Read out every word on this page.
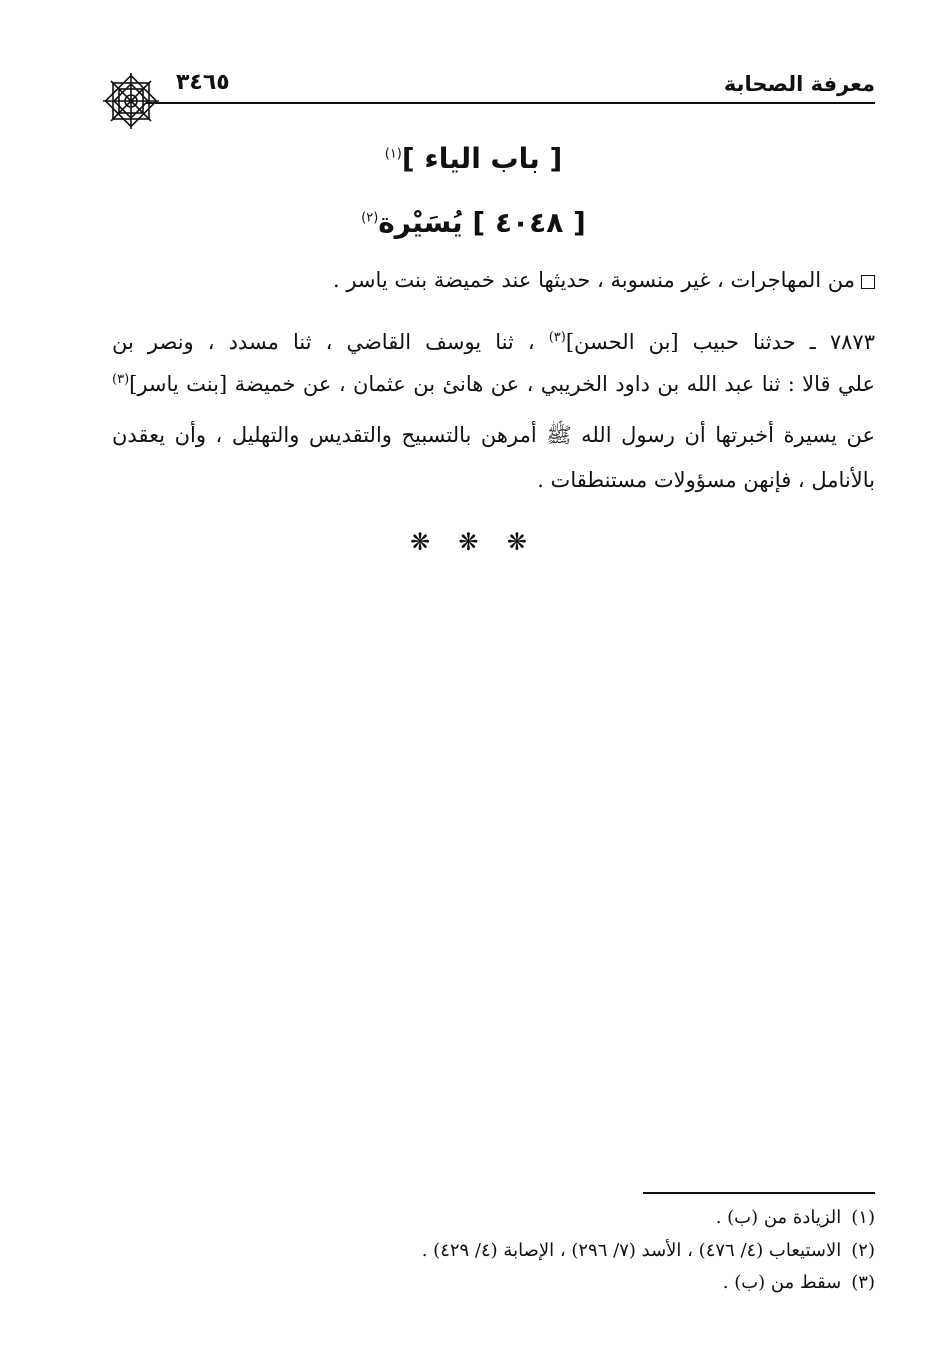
معرفة الصحابة
٣٤٦٥
[ باب الياء ]$^{(١)}$
[ ٤٠٤٨ ] يُسَيْرة$^{(٢)}$
من المهاجرات ، غير منسوبة ، حديثها عند خميضة بنت ياسر .
٧٨٧٣ ـ حدثنا حبيب [بن الحسن]$^{(٣)}$ ، ثنا يوسف القاضي ، ثنا مسدد ، ونصر بن
علي قالا : ثنا عبد الله بن داود الخريبي ، عن هانئ بن عثمان ، عن خميضة [بنت ياسر]$^{(٣)}$
عن يسيرة أخبرتها أن رسول الله ﷺ أمرهن بالتسبيح والتقديس والتهليل ، وأن يعقدن
بالأنامل ، فإنهن مسؤولات مستنطقات .
❋ ❋ ❋
(١)الزيادة من (ب) .
(٢)الاستيعاب (٤/ ٤٧٦) ، الأسد (٧/ ٢٩٦) ، الإصابة (٤/ ٤٢٩) .
(٣)سقط من (ب) .
